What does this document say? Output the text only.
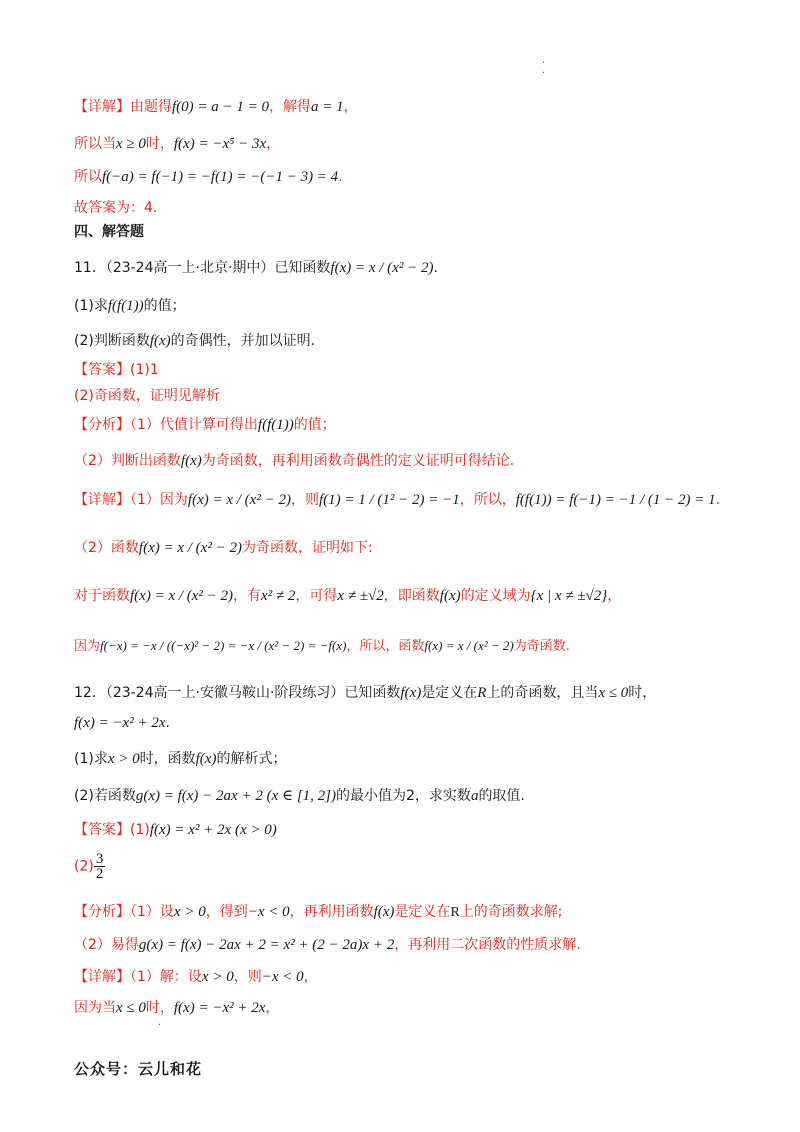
·
·
【详解】由题得f(0) = a − 1 = 0，解得a = 1，
所以当x ≥ 0时，f(x) = −x⁵ − 3x，
所以f(−a) = f(−1) = −f(1) = −(−1 − 3) = 4.
故答案为：4.
四、解答题
11．（23-24高一上·北京·期中）已知函数f(x) = x / (x² − 2)．
(1)求f(f(1))的值；
(2)判断函数f(x)的奇偶性，并加以证明．
【答案】(1)1
(2)奇函数，证明见解析
【分析】（1）代值计算可得出f(f(1))的值；
（2）判断出函数f(x)为奇函数，再利用函数奇偶性的定义证明可得结论.
【详解】（1）因为f(x) = x / (x² − 2)，则f(1) = 1 / (1² − 2) = −1，所以，f(f(1)) = f(−1) = −1 / (1 − 2) = 1.
（2）函数f(x) = x / (x² − 2)为奇函数，证明如下:
对于函数f(x) = x / (x² − 2)，有x² ≠ 2，可得x ≠ ±√2，即函数f(x)的定义域为{x | x ≠ ±√2}，
因为f(−x) = −x / ((−x)² − 2) = −x / (x² − 2) = −f(x)，所以，函数f(x) = x / (x² − 2)为奇函数.
12．（23-24高一上·安徽马鞍山·阶段练习）已知函数f(x)是定义在R上的奇函数，且当x ≤ 0时，
f(x) = −x² + 2x.
(1)求x > 0时，函数f(x)的解析式；
(2)若函数g(x) = f(x) − 2ax + 2 (x ∈ [1, 2])的最小值为2，求实数a的取值.
【答案】(1)f(x) = x² + 2x (x > 0)
$(2) \frac{3}{2}$
【分析】（1）设x > 0，得到−x < 0，再利用函数f(x)是定义在R上的奇函数求解;
（2）易得g(x) = f(x) − 2ax + 2 = x² + (2 − 2a)x + 2，再利用二次函数的性质求解.
【详解】（1）解：设x > 0，则−x < 0，
因为当x ≤ 0时，f(x) = −x² + 2x，
·
公众号：云儿和花
